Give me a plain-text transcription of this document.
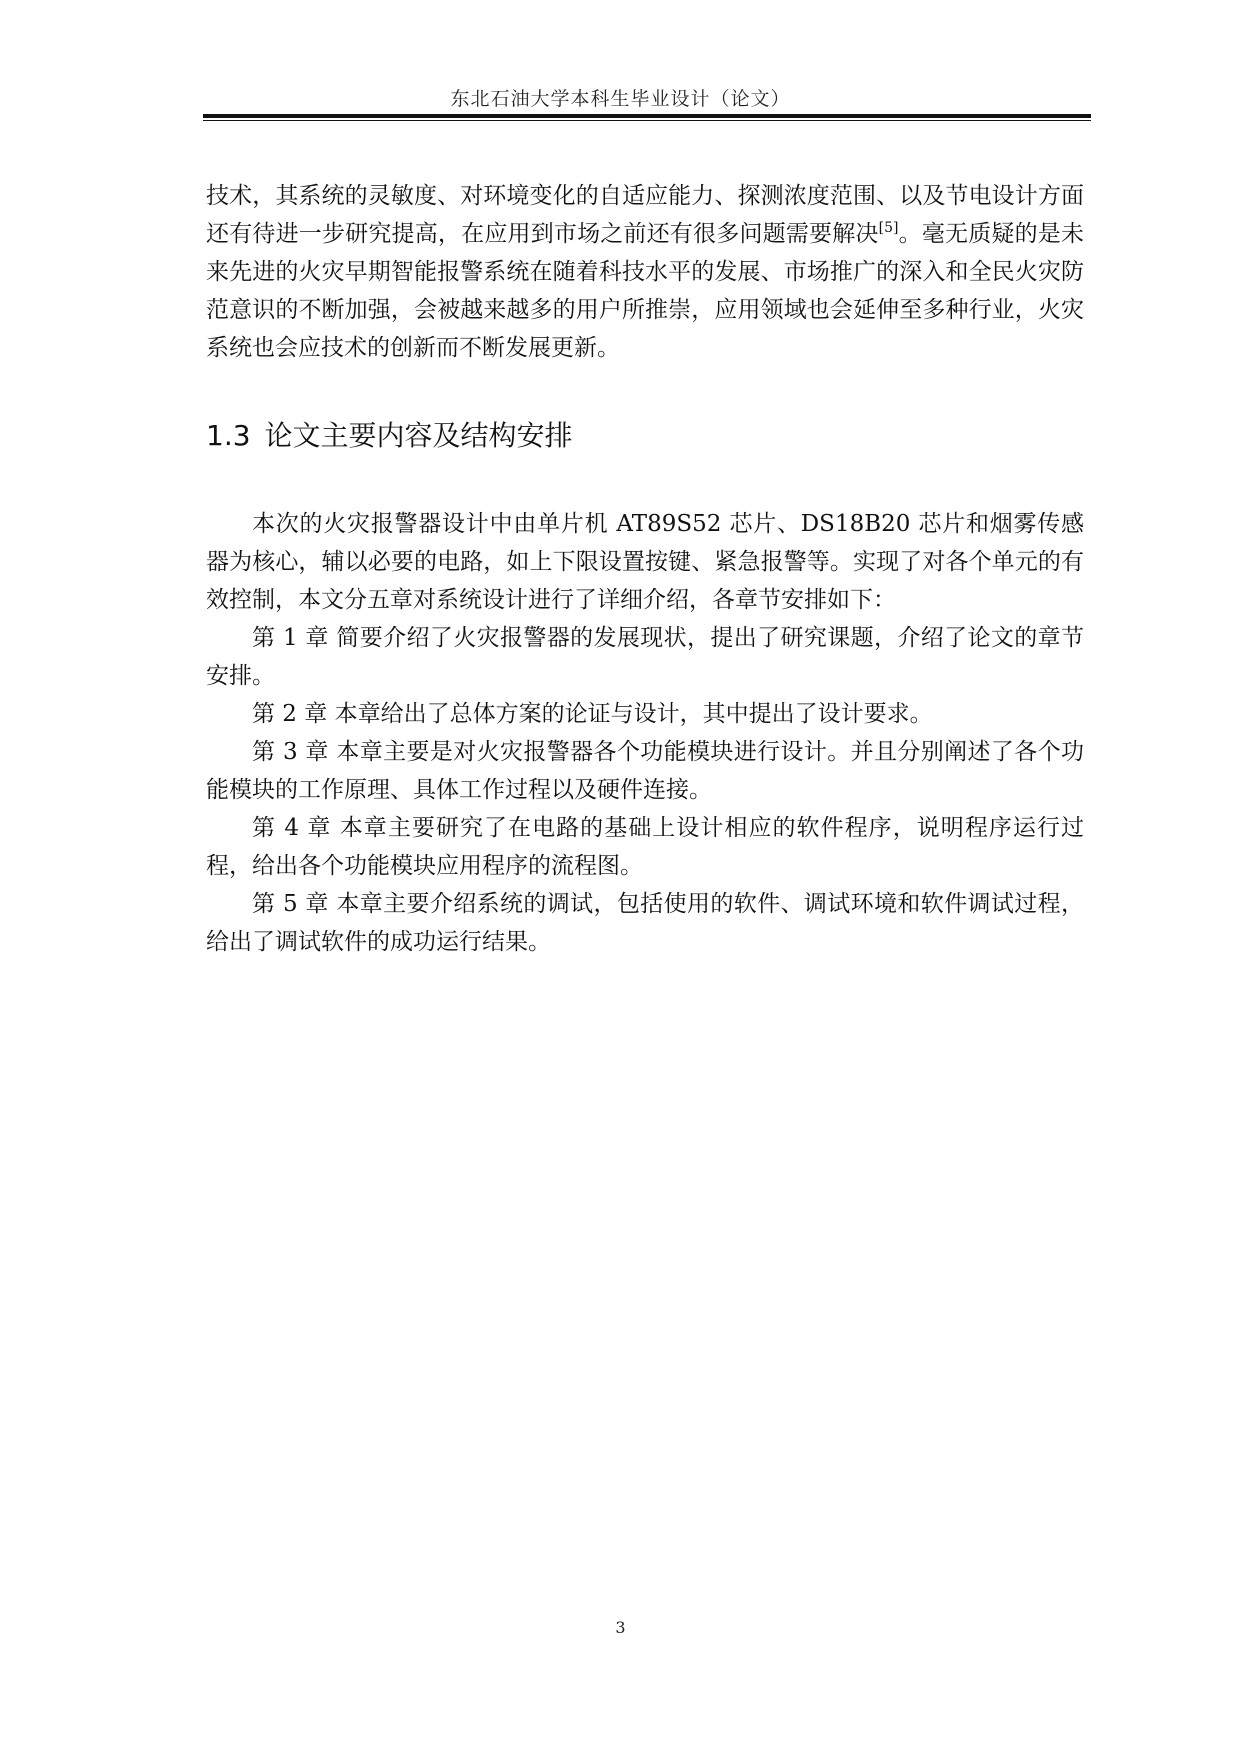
东北石油大学本科生毕业设计（论文）

技术，其系统的灵敏度、对环境变化的自适应能力、探测浓度范围、以及节电设计方面还有待进一步研究提高，在应用到市场之前还有很多问题需要解决[5]。毫无质疑的是未来先进的火灾早期智能报警系统在随着科技水平的发展、市场推广的深入和全民火灾防范意识的不断加强，会被越来越多的用户所推崇，应用领域也会延伸至多种行业，火灾系统也会应技术的创新而不断发展更新。

1.3 论文主要内容及结构安排

本次的火灾报警器设计中由单片机 AT89S52 芯片、DS18B20 芯片和烟雾传感器为核心，辅以必要的电路，如上下限设置按键、紧急报警等。实现了对各个单元的有效控制，本文分五章对系统设计进行了详细介绍，各章节安排如下：

第 1 章 简要介绍了火灾报警器的发展现状，提出了研究课题，介绍了论文的章节安排。

第 2 章 本章给出了总体方案的论证与设计，其中提出了设计要求。

第 3 章 本章主要是对火灾报警器各个功能模块进行设计。并且分别阐述了各个功能模块的工作原理、具体工作过程以及硬件连接。

第 4 章 本章主要研究了在电路的基础上设计相应的软件程序，说明程序运行过程，给出各个功能模块应用程序的流程图。

第 5 章 本章主要介绍系统的调试，包括使用的软件、调试环境和软件调试过程，给出了调试软件的成功运行结果。

3
